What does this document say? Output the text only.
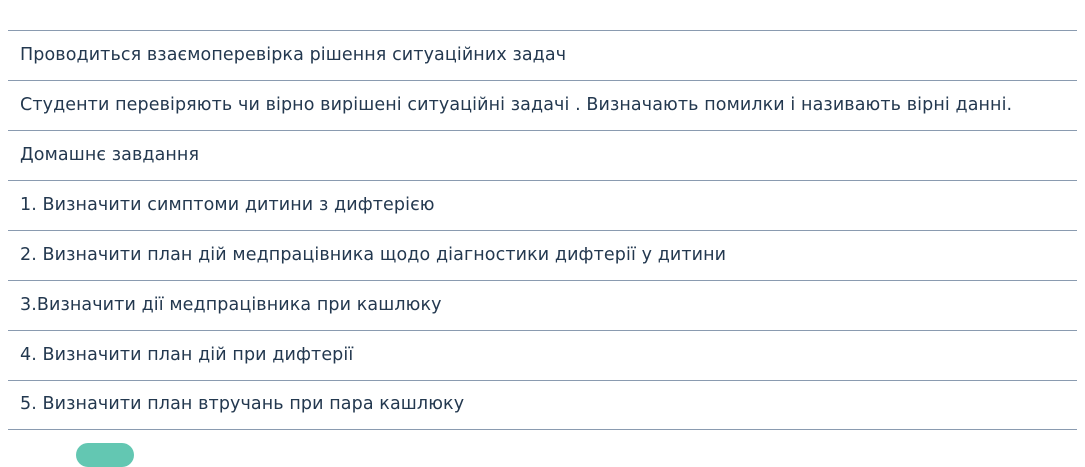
Проводиться взаємоперевірка рішення ситуаційних задач
Студенти перевіряють чи вірно вирішені ситуаційні задачі . Визначають помилки і називають вірні данні.
Домашнє завдання
1. Визначити симптоми дитини з дифтерією
2. Визначити план дій медпрацівника щодо діагностики дифтерії у дитини
3.Визначити дії медпрацівника при кашлюку
4. Визначити план дій при дифтерії
5. Визначити план втручань при пара кашлюку
